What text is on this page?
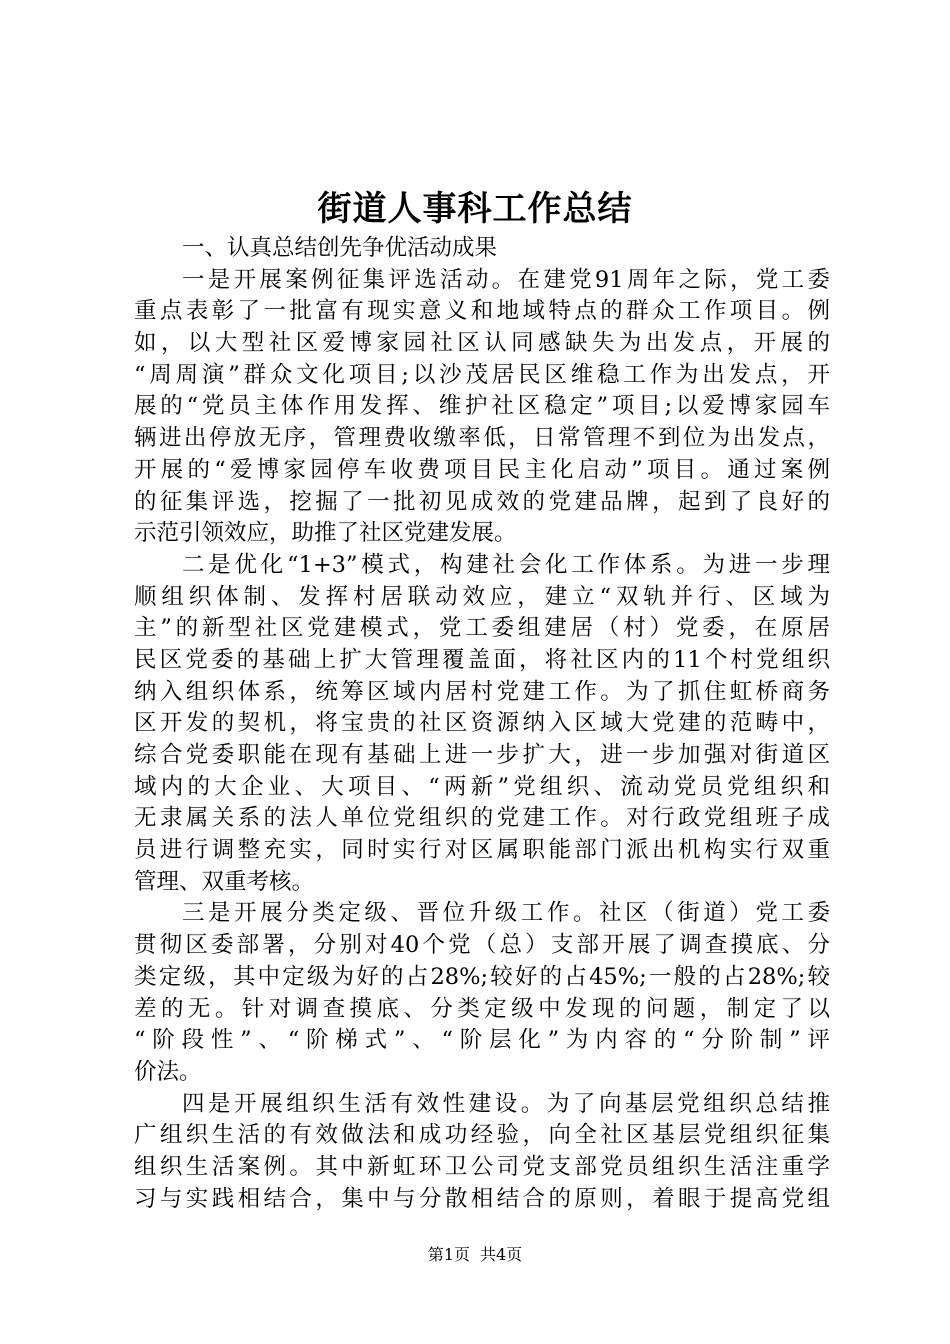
街道人事科工作总结
一、认真总结创先争优活动成果
一是开展案例征集评选活动。在建党91周年之际，党工委
重点表彰了一批富有现实意义和地域特点的群众工作项目。例
如，以大型社区爱博家园社区认同感缺失为出发点，开展的
“周周演”群众文化项目;以沙茂居民区维稳工作为出发点，开
展的“党员主体作用发挥、维护社区稳定”项目;以爱博家园车
辆进出停放无序，管理费收缴率低，日常管理不到位为出发点，
开展的“爱博家园停车收费项目民主化启动”项目。通过案例
的征集评选，挖掘了一批初见成效的党建品牌，起到了良好的
示范引领效应，助推了社区党建发展。
二是优化“1+3”模式，构建社会化工作体系。为进一步理
顺组织体制、发挥村居联动效应，建立“双轨并行、区域为
主”的新型社区党建模式，党工委组建居（村）党委，在原居
民区党委的基础上扩大管理覆盖面，将社区内的11个村党组织
纳入组织体系，统筹区域内居村党建工作。为了抓住虹桥商务
区开发的契机，将宝贵的社区资源纳入区域大党建的范畴中，
综合党委职能在现有基础上进一步扩大，进一步加强对街道区
域内的大企业、大项目、“两新”党组织、流动党员党组织和
无隶属关系的法人单位党组织的党建工作。对行政党组班子成
员进行调整充实，同时实行对区属职能部门派出机构实行双重
管理、双重考核。
三是开展分类定级、晋位升级工作。社区（街道）党工委
贯彻区委部署，分别对40个党（总）支部开展了调查摸底、分
类定级，其中定级为好的占28%;较好的占45%;一般的占28%;较
差的无。针对调查摸底、分类定级中发现的问题，制定了以
“阶段性”、“阶梯式”、“阶层化”为内容的“分阶制”评
价法。
四是开展组织生活有效性建设。为了向基层党组织总结推
广组织生活的有效做法和成功经验，向全社区基层党组织征集
组织生活案例。其中新虹环卫公司党支部党员组织生活注重学
习与实践相结合，集中与分散相结合的原则，着眼于提高党组
第1页 共4页
